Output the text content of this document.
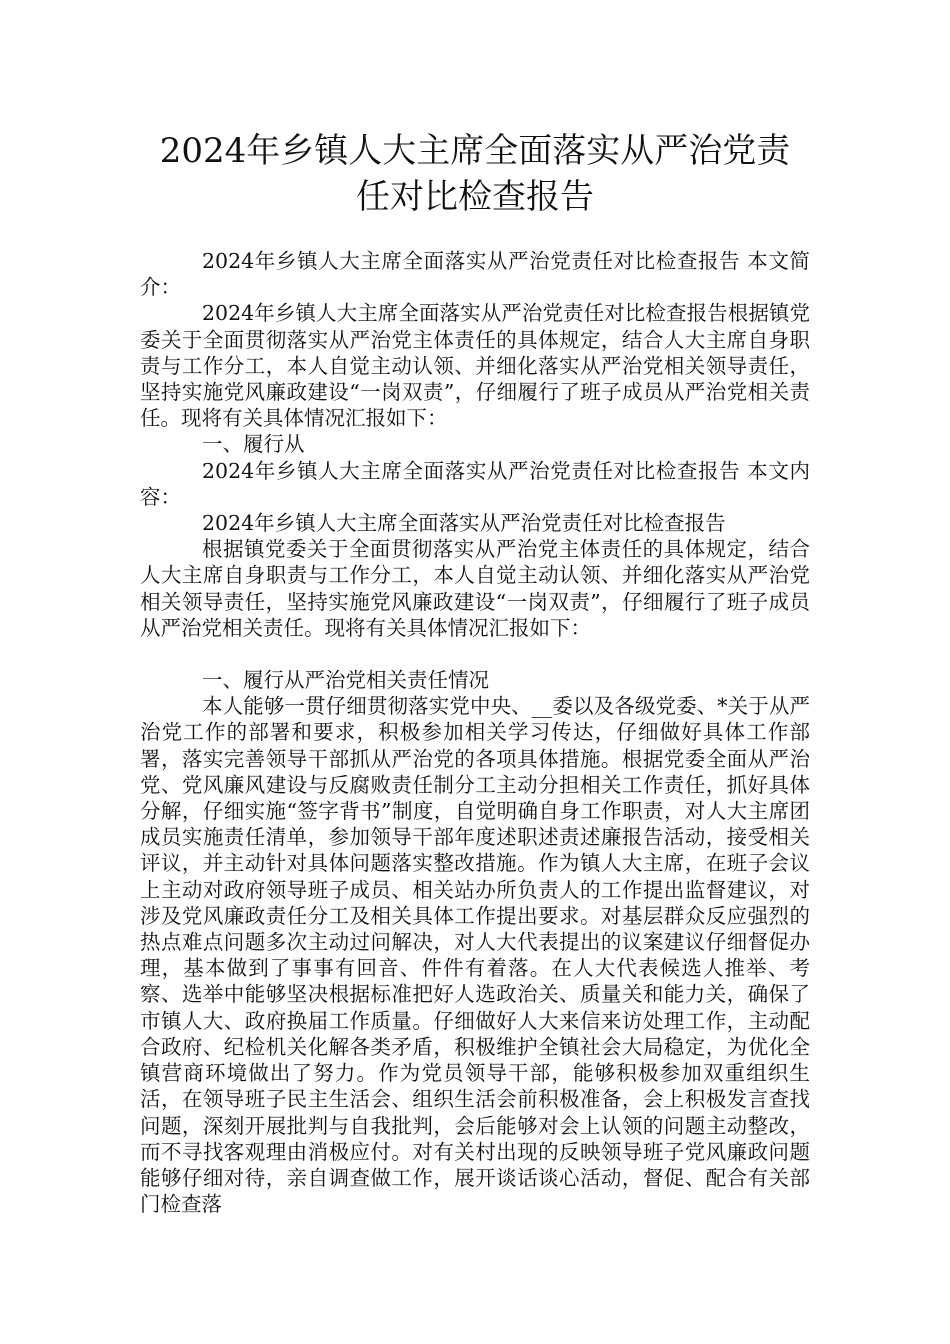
2024年乡镇人大主席全面落实从严治党责
任对比检查报告

2024年乡镇人大主席全面落实从严治党责任对比检查报告 本文简介：

2024年乡镇人大主席全面落实从严治党责任对比检查报告根据镇党委关于全面贯彻落实从严治党主体责任的具体规定，结合人大主席自身职责与工作分工，本人自觉主动认领、并细化落实从严治党相关领导责任，坚持实施党风廉政建设“一岗双责”，仔细履行了班子成员从严治党相关责任。现将有关具体情况汇报如下：

一、履行从

2024年乡镇人大主席全面落实从严治党责任对比检查报告 本文内容：

2024年乡镇人大主席全面落实从严治党责任对比检查报告

根据镇党委关于全面贯彻落实从严治党主体责任的具体规定，结合人大主席自身职责与工作分工，本人自觉主动认领、并细化落实从严治党相关领导责任，坚持实施党风廉政建设“一岗双责”，仔细履行了班子成员从严治党相关责任。现将有关具体情况汇报如下：

一、履行从严治党相关责任情况

本人能够一贯仔细贯彻落实党中央、__委以及各级党委、*关于从严治党工作的部署和要求，积极参加相关学习传达，仔细做好具体工作部署，落实完善领导干部抓从严治党的各项具体措施。根据党委全面从严治党、党风廉风建设与反腐败责任制分工主动分担相关工作责任，抓好具体分解，仔细实施“签字背书”制度，自觉明确自身工作职责，对人大主席团成员实施责任清单，参加领导干部年度述职述责述廉报告活动，接受相关评议，并主动针对具体问题落实整改措施。作为镇人大主席，在班子会议上主动对政府领导班子成员、相关站办所负责人的工作提出监督建议，对涉及党风廉政责任分工及相关具体工作提出要求。对基层群众反应强烈的热点难点问题多次主动过问解决，对人大代表提出的议案建议仔细督促办理，基本做到了事事有回音、件件有着落。在人大代表候选人推举、考察、选举中能够坚决根据标准把好人选政治关、质量关和能力关，确保了市镇人大、政府换届工作质量。仔细做好人大来信来访处理工作，主动配合政府、纪检机关化解各类矛盾，积极维护全镇社会大局稳定，为优化全镇营商环境做出了努力。作为党员领导干部，能够积极参加双重组织生活，在领导班子民主生活会、组织生活会前积极准备，会上积极发言查找问题，深刻开展批判与自我批判，会后能够对会上认领的问题主动整改，而不寻找客观理由消极应付。对有关村出现的反映领导班子党风廉政问题能够仔细对待，亲自调查做工作，展开谈话谈心活动，督促、配合有关部门检查落
